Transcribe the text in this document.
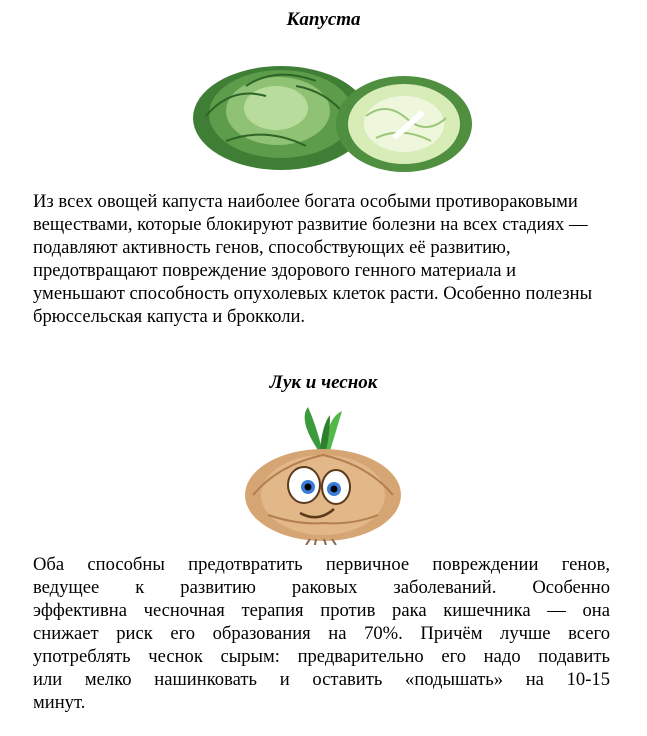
Капуста
Из всех овощей капуста наиболее богата особыми противораковыми веществами, которые блокируют развитие болезни на всех стадиях — подавляют активность генов, способствующих её развитию, предотвращают повреждение здорового генного материала и уменьшают способность опухолевых клеток расти. Особенно полезны брюссельская капуста и брокколи.
Лук и чеснок
Оба способны предотвратить первичное повреждении генов,
ведущее к развитию раковых заболеваний. Особенно
эффективна чесночная терапия против рака кишечника — она
снижает риск его образования на 70%. Причём лучше всего
употреблять чеснок сырым: предварительно его надо подавить
или мелко нашинковать и оставить «подышать» на 10-15
минут.
